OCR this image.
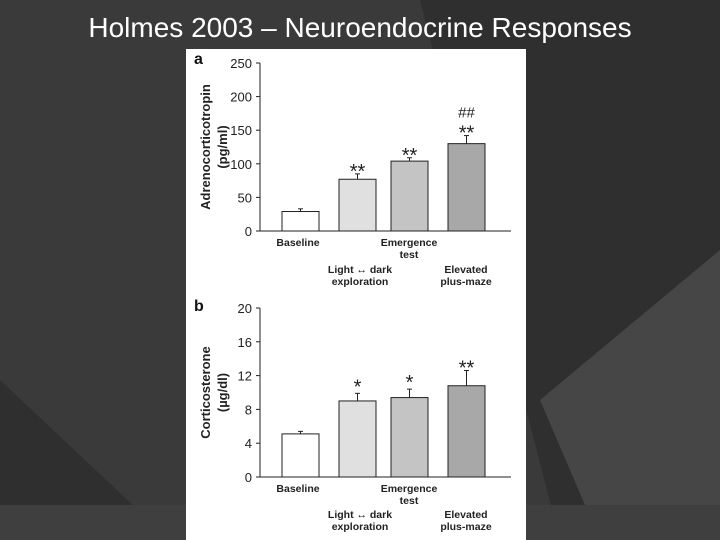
Holmes 2003 – Neuroendocrine Responses
a
Adrenocorticotropin (pg/ml)
0
50
100
150
200
250
**
**
**
##
Baseline
Light ↔ dark
exploration
Emergence
test
Elevated
plus-maze
b
Corticosterone (µg/dl)
0
4
8
12
16
20
* *
**
Baseline	Emergence
test
Light ↔ dark
exploration
Elevated
plus-maze
